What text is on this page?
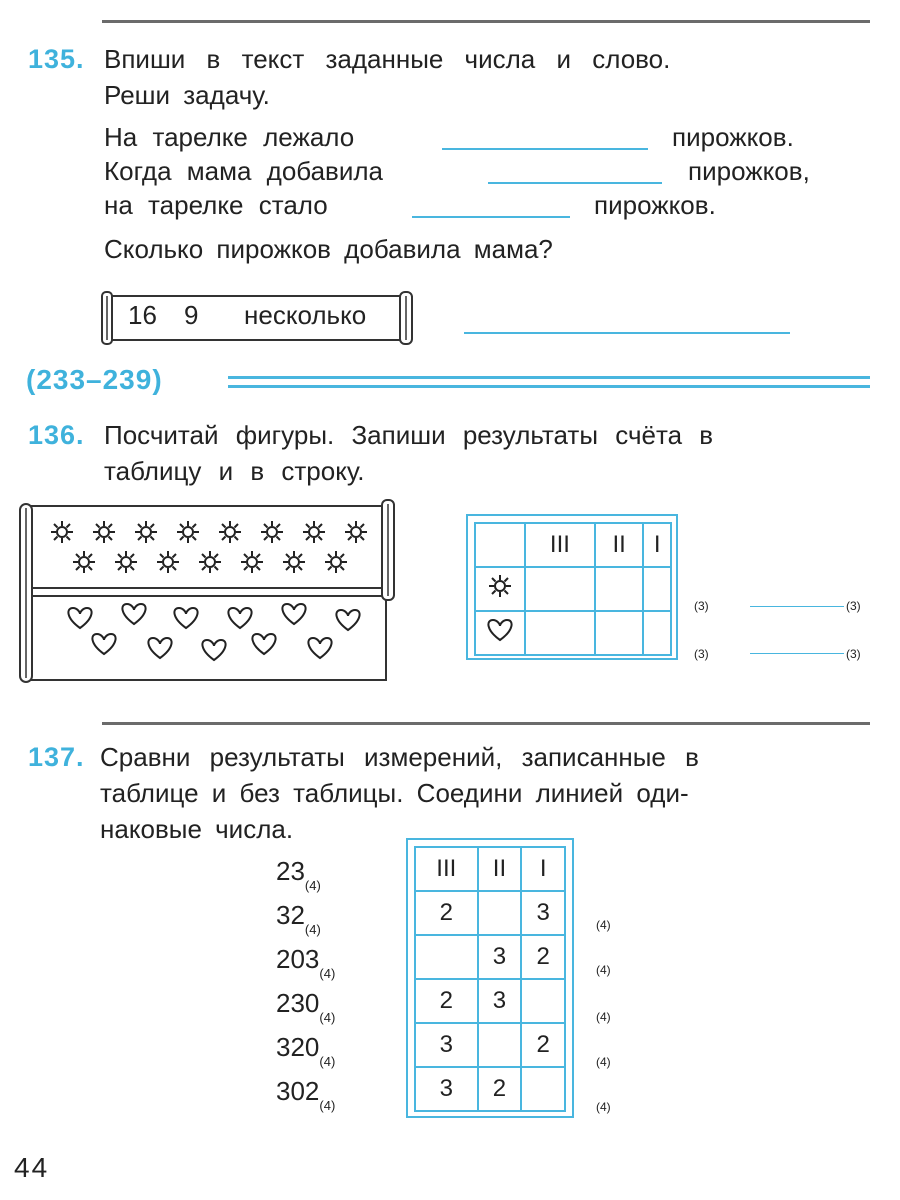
135. Впиши в текст заданные числа и слово.
Реши задачу.
На тарелке лежало	пирожков.
Когда мама добавила	пирожков,
на тарелке стало	пирожков.
Сколько пирожков добавила мама?
16 9 несколько
(233–239)
136. Посчитай фигуры. Запиши результаты счёта в
таблицу и в строку.
	III	II	I

(3)	(3)
(3)	(3)
137. Сравни результаты измерений, записанные в
таблице и без таблицы. Соедини линией оди-
наковые числа.
$23_{(4)}$
$32_{(4)}$
$203_{(4)}$
$230_{(4)}$
$320_{(4)}$
$302_{(4)}$
III	II	I
2		3
	3	2
2	3	
3		2
3	2	
(4)
(4)
(4)
(4)
(4)
44
